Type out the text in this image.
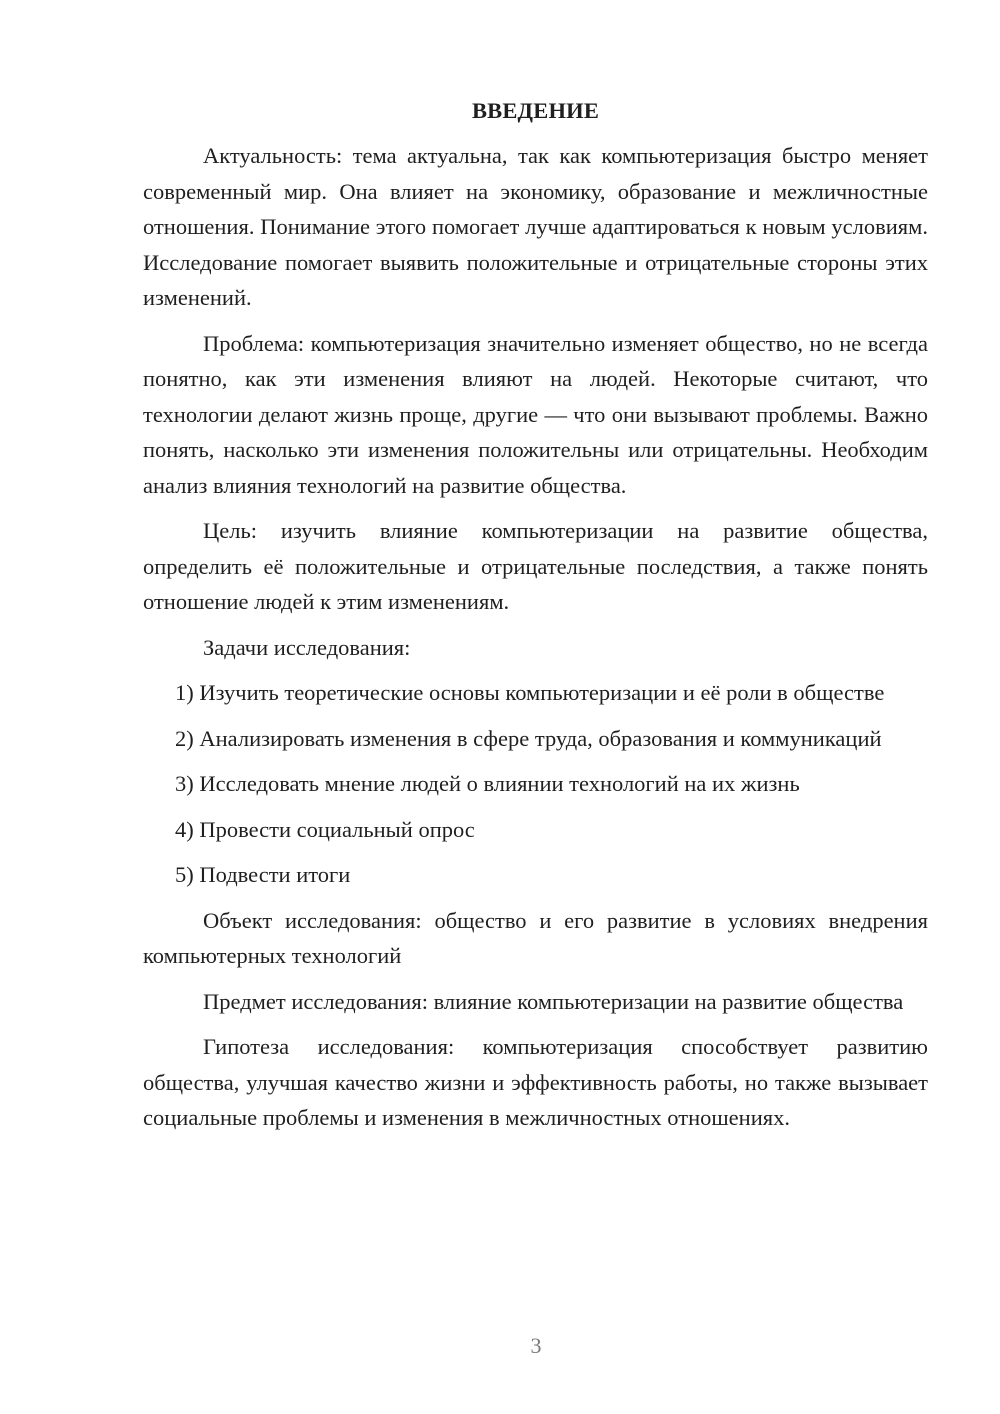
ВВЕДЕНИЕ

Актуальность: тема актуальна, так как компьютеризация быстро меняет современный мир. Она влияет на экономику, образование и межличностные отношения. Понимание этого помогает лучше адаптироваться к новым условиям. Исследование помогает выявить положительные и отрицательные стороны этих изменений.

Проблема: компьютеризация значительно изменяет общество, но не всегда понятно, как эти изменения влияют на людей. Некоторые считают, что технологии делают жизнь проще, другие — что они вызывают проблемы. Важно понять, насколько эти изменения положительны или отрицательны. Необходим анализ влияния технологий на развитие общества.

Цель: изучить влияние компьютеризации на развитие общества, определить её положительные и отрицательные последствия, а также понять отношение людей к этим изменениям.

Задачи исследования:

1) Изучить теоретические основы компьютеризации и её роли в обществе

2) Анализировать изменения в сфере труда, образования и коммуникаций

3) Исследовать мнение людей о влиянии технологий на их жизнь

4) Провести социальный опрос

5) Подвести итоги

Объект исследования: общество и его развитие в условиях внедрения компьютерных технологий

Предмет исследования: влияние компьютеризации на развитие общества

Гипотеза исследования: компьютеризация способствует развитию общества, улучшая качество жизни и эффективность работы, но также вызывает социальные проблемы и изменения в межличностных отношениях.

3
